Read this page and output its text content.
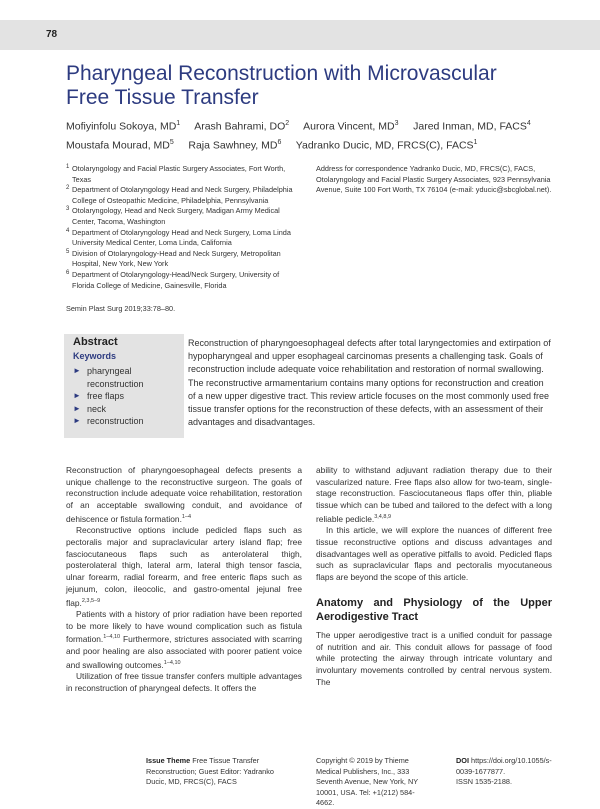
78
Pharyngeal Reconstruction with Microvascular Free Tissue Transfer
Mofiyinfolu Sokoya, $MD^1$ Arash Bahrami, $DO^2$ Aurora Vincent, $MD^3$ Jared Inman, MD, FACS$^4$
Moustafa Mourad, $MD^5$ Raja Sawhney, $MD^6$ Yadranko Ducic, MD, FRCS(C), FACS$^1$
1 Otolaryngology and Facial Plastic Surgery Associates, Fort Worth, Texas
2 Department of Otolaryngology Head and Neck Surgery, Philadelphia College of Osteopathic Medicine, Philadelphia, Pennsylvania
3 Otolaryngology, Head and Neck Surgery, Madigan Army Medical Center, Tacoma, Washington
4 Department of Otolaryngology Head and Neck Surgery, Loma Linda University Medical Center, Loma Linda, California
5 Division of Otolaryngology-Head and Neck Surgery, Metropolitan Hospital, New York, New York
6 Department of Otolaryngology-Head/Neck Surgery, University of Florida College of Medicine, Gainesville, Florida
Address for correspondence Yadranko Ducic, MD, FRCS(C), FACS, Otolaryngology and Facial Plastic Surgery Associates, 923 Pennsylvania Avenue, Suite 100 Fort Worth, TX 76104 (e-mail: yducic@sbcglobal.net).
Semin Plast Surg 2019;33:78–80.
Abstract
Keywords
► pharyngeal reconstruction
► free flaps
► neck
► reconstruction
Reconstruction of pharyngoesophageal defects after total laryngectomies and extirpation of hypopharyngeal and upper esophageal carcinomas presents a challenging task. Goals of reconstruction include adequate voice rehabilitation and restoration of normal swallowing. The reconstructive armamentarium contains many options for reconstruction and creation of a new upper digestive tract. This review article focuses on the most commonly used free tissue transfer options for the reconstruction of these defects, with an assessment of their advantages and disadvantages.

Reconstruction of pharyngoesophageal defects presents a unique challenge to the reconstructive surgeon. The goals of reconstruction include adequate voice rehabilitation, restoration of an acceptable swallowing conduit, and avoidance of dehiscence or fistula formation.$^{1-4}$

Reconstructive options include pedicled flaps such as pectoralis major and supraclavicular artery island flap; free fasciocutaneous flaps such as anterolateral thigh, posterolateral thigh, lateral arm, lateral thigh tensor fascia, ulnar forearm, radial forearm, and free enteric flaps such as jejunum, colon, ileocolic, and gastro-omental jejunal free flap.$^{2,3,5-9}$

Patients with a history of prior radiation have been reported to be more likely to have wound complication such as fistula formation.$^{1-4,10}$ Furthermore, strictures associated with scarring and poor healing are also associated with poorer patient voice and swallowing outcomes.$^{1-4,10}$

Utilization of free tissue transfer confers multiple advantages in reconstruction of pharyngeal defects. It offers the

ability to withstand adjuvant radiation therapy due to their vascularized nature. Free flaps also allow for two-team, single-stage reconstruction. Fasciocutaneous flaps offer thin, pliable tissue which can be tubed and tailored to the defect with a long reliable pedicle.$^{3,4,8,9}$

In this article, we will explore the nuances of different free tissue reconstructive options and discuss advantages and disadvantages well as operative pitfalls to avoid. Pedicled flaps such as supraclavicular flaps and pectoralis myocutaneous flaps are beyond the scope of this article.

Anatomy and Physiology of the Upper Aerodigestive Tract

The upper aerodigestive tract is a unified conduit for passage of nutrition and air. This conduit allows for passage of food while protecting the airway through intricate voluntary and involuntary movements controlled by central nervous system. The

Issue Theme Free Tissue Transfer Reconstruction; Guest Editor: Yadranko Ducic, MD, FRCS(C), FACS
Copyright © 2019 by Thieme Medical Publishers, Inc., 333 Seventh Avenue, New York, NY 10001, USA. Tel: +1(212) 584-4662.
DOI https://doi.org/10.1055/s-0039-1677877.
ISSN 1535-2188.
